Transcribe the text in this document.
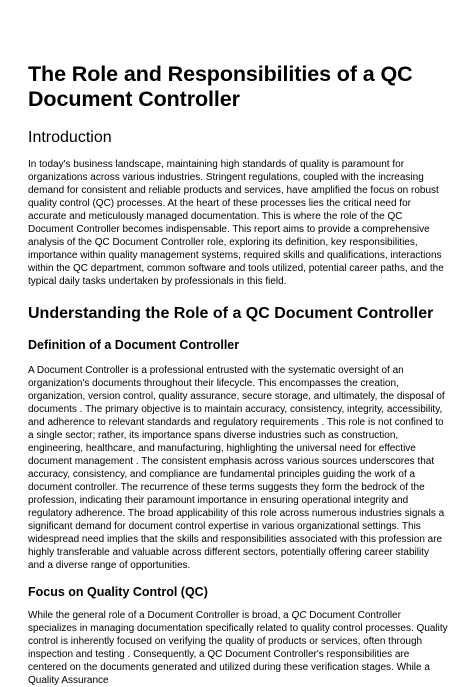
The Role and Responsibilities of a QC Document Controller
Introduction

In today's business landscape, maintaining high standards of quality is paramount for organizations across various industries. Stringent regulations, coupled with the increasing demand for consistent and reliable products and services, have amplified the focus on robust quality control (QC) processes. At the heart of these processes lies the critical need for accurate and meticulously managed documentation. This is where the role of the QC Document Controller becomes indispensable. This report aims to provide a comprehensive analysis of the QC Document Controller role, exploring its definition, key responsibilities, importance within quality management systems, required skills and qualifications, interactions within the QC department, common software and tools utilized, potential career paths, and the typical daily tasks undertaken by professionals in this field.

Understanding the Role of a QC Document Controller
Definition of a Document Controller

A Document Controller is a professional entrusted with the systematic oversight of an organization's documents throughout their lifecycle. This encompasses the creation, organization, version control, quality assurance, secure storage, and ultimately, the disposal of documents . The primary objective is to maintain accuracy, consistency, integrity, accessibility, and adherence to relevant standards and regulatory requirements . This role is not confined to a single sector; rather, its importance spans diverse industries such as construction, engineering, healthcare, and manufacturing, highlighting the universal need for effective document management . The consistent emphasis across various sources underscores that accuracy, consistency, and compliance are fundamental principles guiding the work of a document controller. The recurrence of these terms suggests they form the bedrock of the profession, indicating their paramount importance in ensuring operational integrity and regulatory adherence. The broad applicability of this role across numerous industries signals a significant demand for document control expertise in various organizational settings. This widespread need implies that the skills and responsibilities associated with this profession are highly transferable and valuable across different sectors, potentially offering career stability and a diverse range of opportunities.

Focus on Quality Control (QC)

While the general role of a Document Controller is broad, a QC Document Controller specializes in managing documentation specifically related to quality control processes. Quality control is inherently focused on verifying the quality of products or services, often through inspection and testing . Consequently, a QC Document Controller's responsibilities are centered on the documents generated and utilized during these verification stages. While a Quality Assurance
